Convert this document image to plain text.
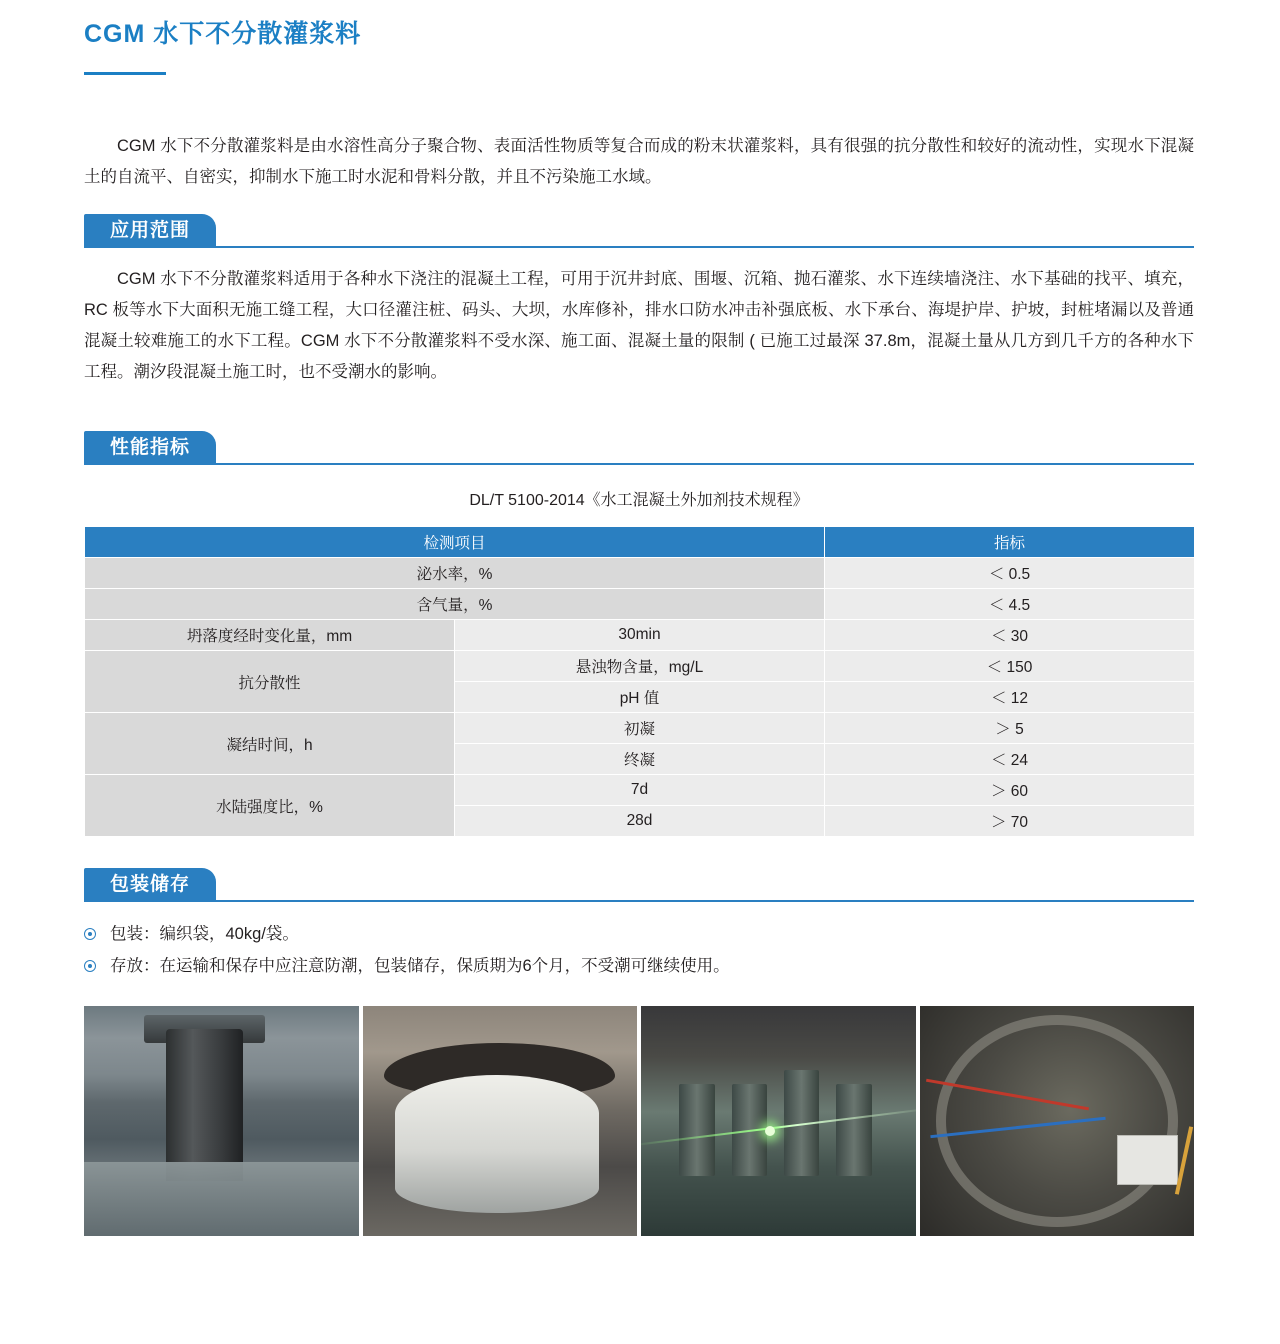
CGM 水下不分散灌浆料

CGM 水下不分散灌浆料是由水溶性高分子聚合物、表面活性物质等复合而成的粉末状灌浆料，具有很强的抗分散性和较好的流动性，实现水下混凝土的自流平、自密实，抑制水下施工时水泥和骨料分散，并且不污染施工水域。

应用范围

CGM 水下不分散灌浆料适用于各种水下浇注的混凝土工程，可用于沉井封底、围堰、沉箱、抛石灌浆、水下连续墙浇注、水下基础的找平、填充，RC 板等水下大面积无施工缝工程，大口径灌注桩、码头、大坝，水库修补，排水口防水冲击补强底板、水下承台、海堤护岸、护坡，封桩堵漏以及普通混凝土较难施工的水下工程。CGM 水下不分散灌浆料不受水深、施工面、混凝土量的限制 ( 已施工过最深 37.8m，混凝土量从几方到几千方的各种水下工程。潮汐段混凝土施工时，也不受潮水的影响。

性能指标
DL/T 5100-2014《水工混凝土外加剂技术规程》
检测项目		指标
泌水率，%		＜ 0.5
含气量，%		＜ 4.5
坍落度经时变化量，mm	30min	＜ 30
抗分散性	悬浊物含量，mg/L	＜ 150
	pH 值	＜ 12
凝结时间，h	初凝	＞ 5
	终凝	＜ 24
水陆强度比，%	7d	＞ 60
	28d	＞ 70
包装储存
包装：编织袋，40kg/袋。
存放：在运输和保存中应注意防潮，包装储存，保质期为6个月，不受潮可继续使用。
